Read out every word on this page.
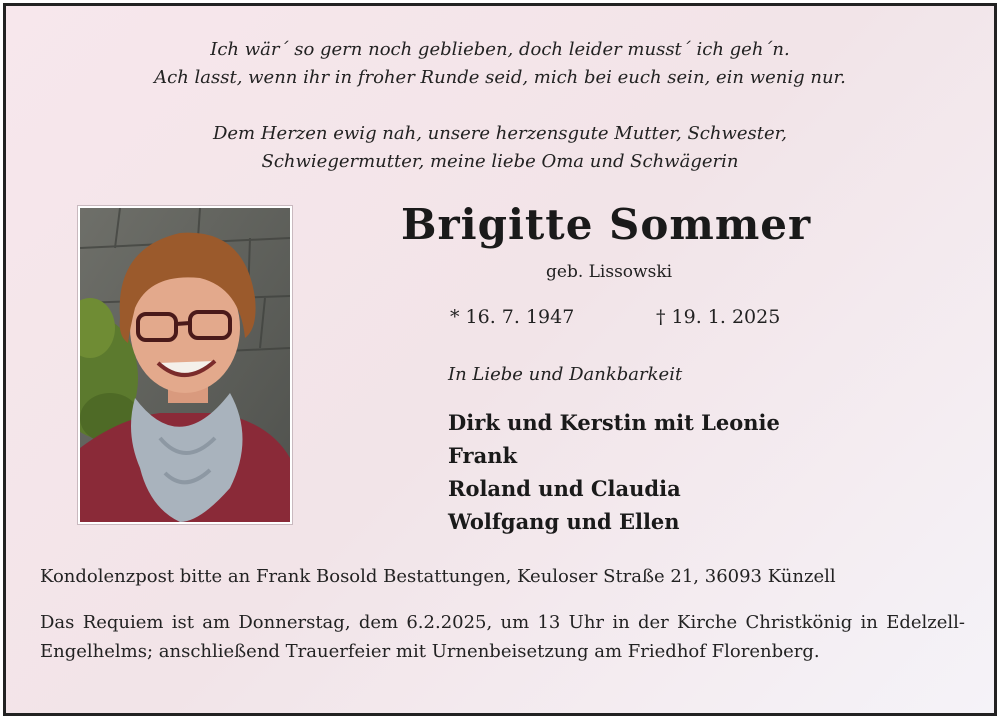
Ich wär´ so gern noch geblieben, doch leider musst´ ich geh´n.
Ach lasst, wenn ihr in froher Runde seid, mich bei euch sein, ein wenig nur.
Dem Herzen ewig nah, unsere herzensgute Mutter, Schwester,
Schwiegermutter, meine liebe Oma und Schwägerin
Brigitte Sommer
geb. Lissowski
* 16. 7. 1947	† 19. 1. 2025
In Liebe und Dankbarkeit
Dirk und Kerstin mit Leonie
Frank
Roland und Claudia
Wolfgang und Ellen
Kondolenzpost bitte an Frank Bosold Bestattungen, Keuloser Straße 21, 36093 Künzell
Das Requiem ist am Donnerstag, dem 6.2.2025, um 13 Uhr in der Kirche Christkönig in Edelzell-Engelhelms; anschließend Trauerfeier mit Urnenbeisetzung am Friedhof Florenberg.
